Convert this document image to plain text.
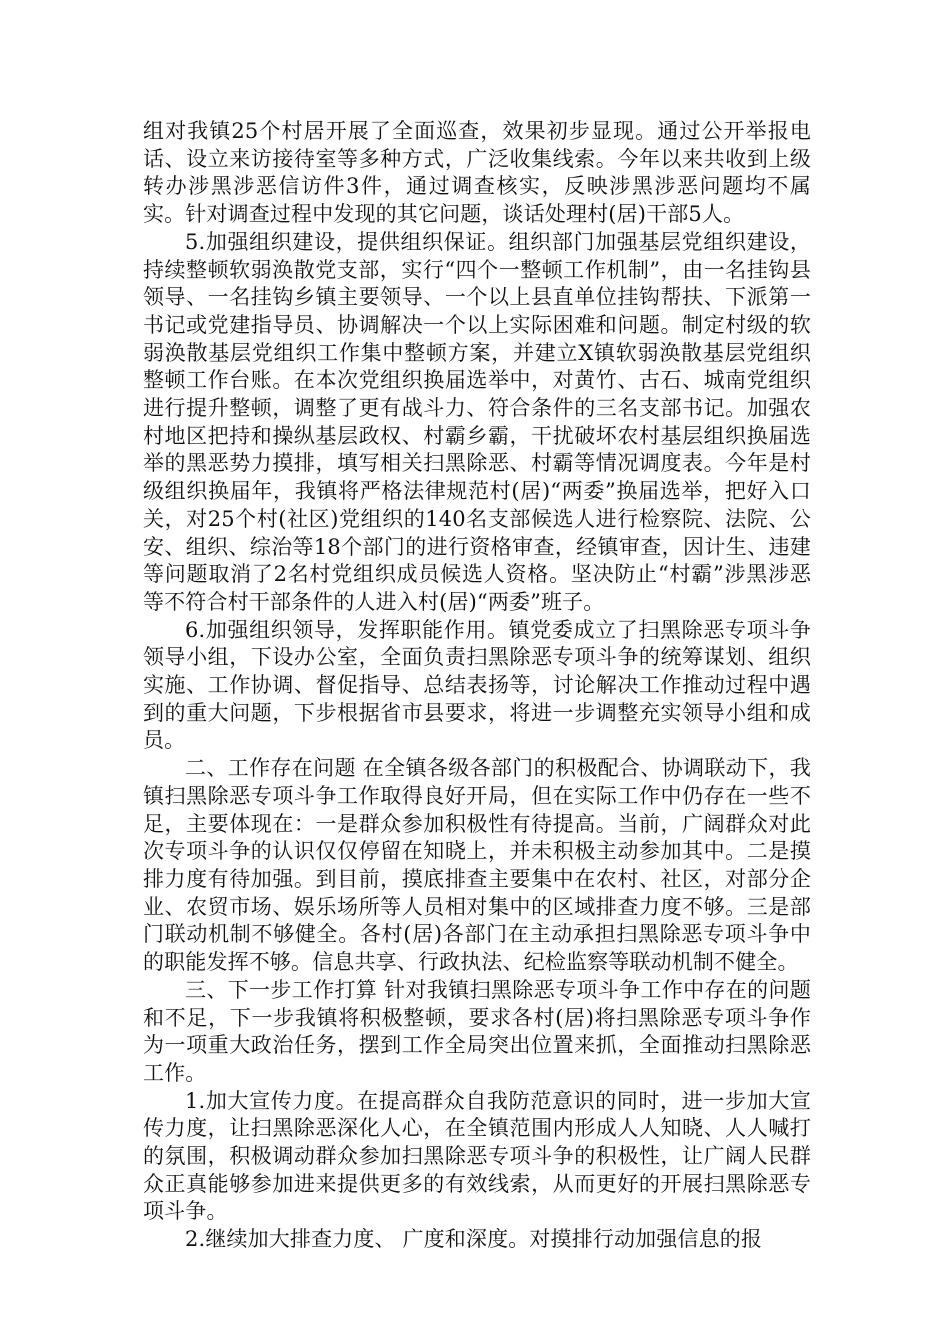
组对我镇25个村居开展了全面巡查，效果初步显现。通过公开举报电话、设立来访接待室等多种方式，广泛收集线索。今年以来共收到上级转办涉黑涉恶信访件3件，通过调查核实，反映涉黑涉恶问题均不属实。针对调查过程中发现的其它问题，谈话处理村(居)干部5人。

5.加强组织建设，提供组织保证。组织部门加强基层党组织建设，持续整顿软弱涣散党支部，实行“四个一整顿工作机制”，由一名挂钩县领导、一名挂钩乡镇主要领导、一个以上县直单位挂钩帮扶、下派第一书记或党建指导员、协调解决一个以上实际困难和问题。制定村级的软弱涣散基层党组织工作集中整顿方案，并建立X镇软弱涣散基层党组织整顿工作台账。在本次党组织换届选举中，对黄竹、古石、城南党组织进行提升整顿，调整了更有战斗力、符合条件的三名支部书记。加强农村地区把持和操纵基层政权、村霸乡霸，干扰破坏农村基层组织换届选举的黑恶势力摸排，填写相关扫黑除恶、村霸等情况调度表。今年是村级组织换届年，我镇将严格法律规范村(居)“两委”换届选举，把好入口关，对25个村(社区)党组织的140名支部候选人进行检察院、法院、公安、组织、综治等18个部门的进行资格审查，经镇审查，因计生、违建等问题取消了2名村党组织成员候选人资格。坚决防止“村霸”涉黑涉恶等不符合村干部条件的人进入村(居)“两委”班子。

6.加强组织领导，发挥职能作用。镇党委成立了扫黑除恶专项斗争领导小组，下设办公室，全面负责扫黑除恶专项斗争的统筹谋划、组织实施、工作协调、督促指导、总结表扬等，讨论解决工作推动过程中遇到的重大问题，下步根据省市县要求，将进一步调整充实领导小组和成员。

二、工作存在问题 在全镇各级各部门的积极配合、协调联动下，我镇扫黑除恶专项斗争工作取得良好开局，但在实际工作中仍存在一些不足，主要体现在：一是群众参加积极性有待提高。当前，广阔群众对此次专项斗争的认识仅仅停留在知晓上，并未积极主动参加其中。二是摸排力度有待加强。到目前，摸底排查主要集中在农村、社区，对部分企业、农贸市场、娱乐场所等人员相对集中的区域排查力度不够。三是部门联动机制不够健全。各村(居)各部门在主动承担扫黑除恶专项斗争中的职能发挥不够。信息共享、行政执法、纪检监察等联动机制不健全。

三、下一步工作打算 针对我镇扫黑除恶专项斗争工作中存在的问题和不足，下一步我镇将积极整顿，要求各村(居)将扫黑除恶专项斗争作为一项重大政治任务，摆到工作全局突出位置来抓，全面推动扫黑除恶工作。

1.加大宣传力度。在提高群众自我防范意识的同时，进一步加大宣传力度，让扫黑除恶深化人心，在全镇范围内形成人人知晓、人人喊打的氛围，积极调动群众参加扫黑除恶专项斗争的积极性，让广阔人民群众正真能够参加进来提供更多的有效线索，从而更好的开展扫黑除恶专项斗争。

2.继续加大排查力度、 广度和深度。对摸排行动加强信息的报
